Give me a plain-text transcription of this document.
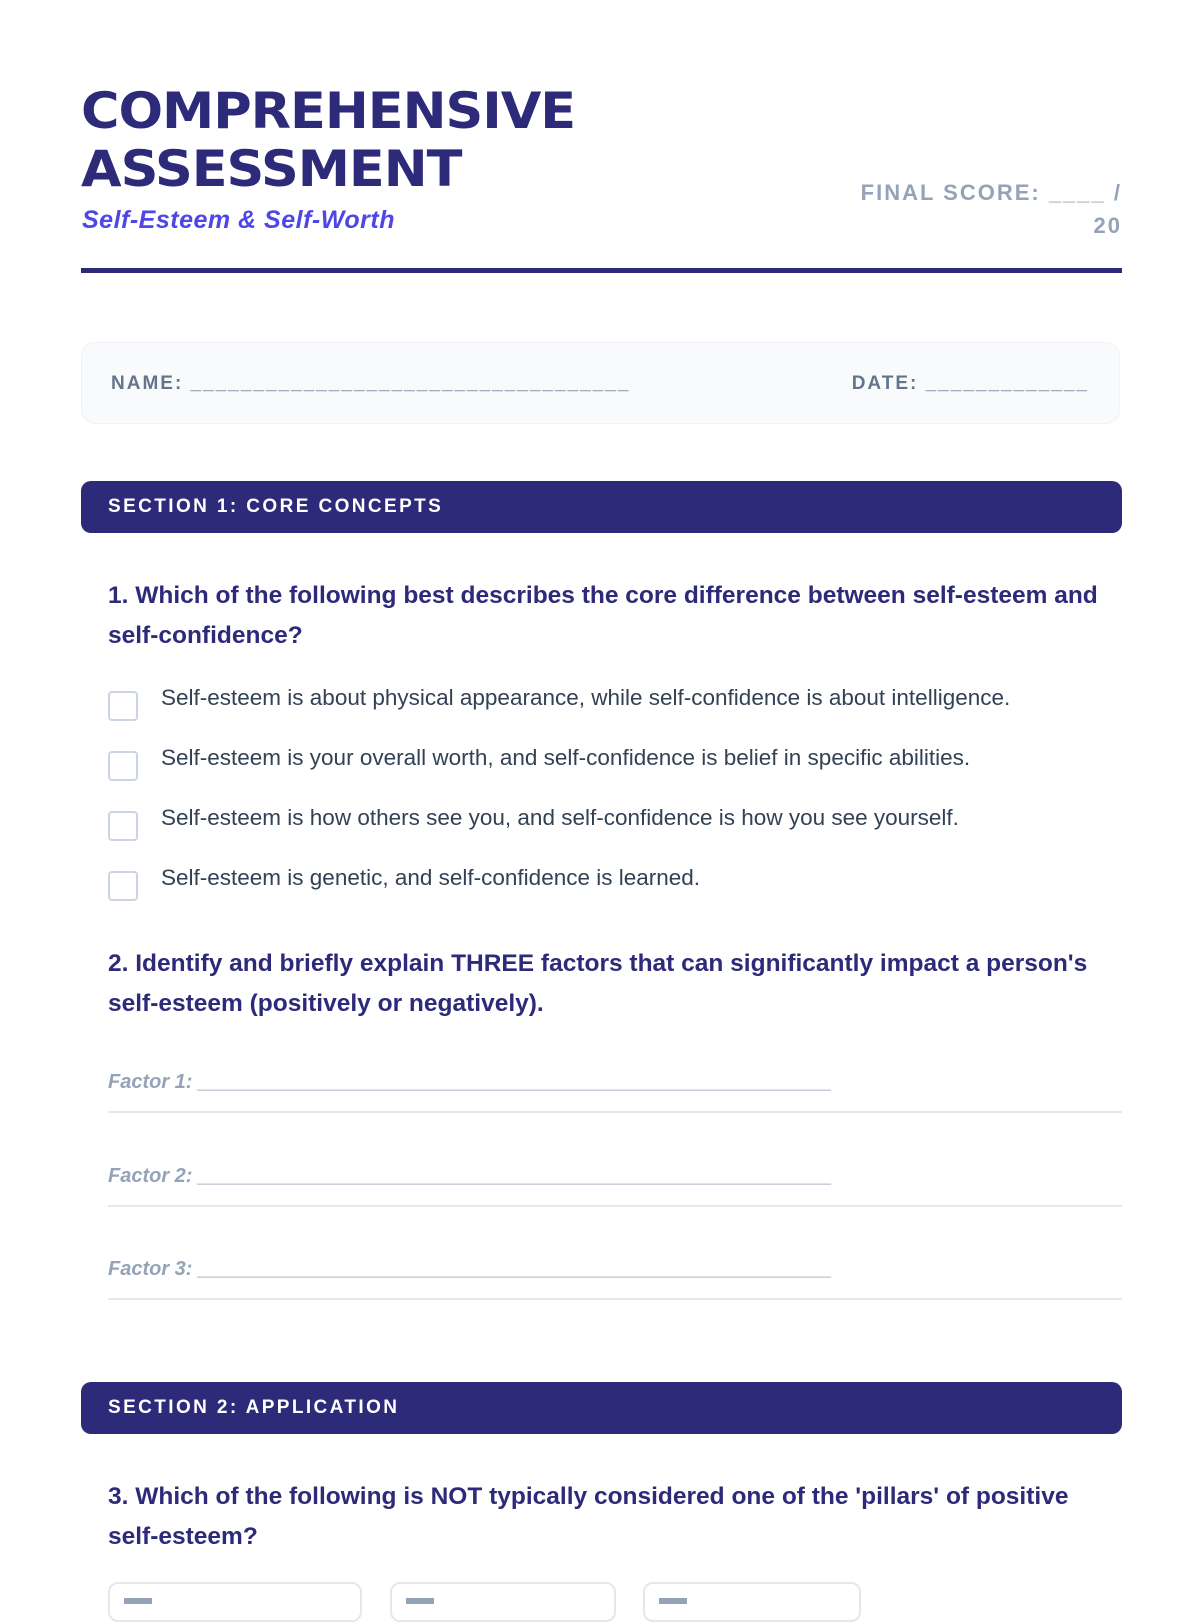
COMPREHENSIVE
ASSESSMENT
Self-Esteem & Self-Worth
FINAL SCORE: ____ /
20
NAME: ___________________________________	DATE: _____________
SECTION 1: CORE CONCEPTS
1. Which of the following best describes the core difference between self-esteem and self-confidence?
Self-esteem is about physical appearance, while self-confidence is about intelligence.
Self-esteem is your overall worth, and self-confidence is belief in specific abilities.
Self-esteem is how others see you, and self-confidence is how you see yourself.
Self-esteem is genetic, and self-confidence is learned.
2. Identify and briefly explain THREE factors that can significantly impact a person's self-esteem (positively or negatively).
Factor 1: _________________________________________________________
Factor 2: _________________________________________________________
Factor 3: _________________________________________________________
SECTION 2: APPLICATION
3. Which of the following is NOT typically considered one of the 'pillars' of positive self-esteem?
